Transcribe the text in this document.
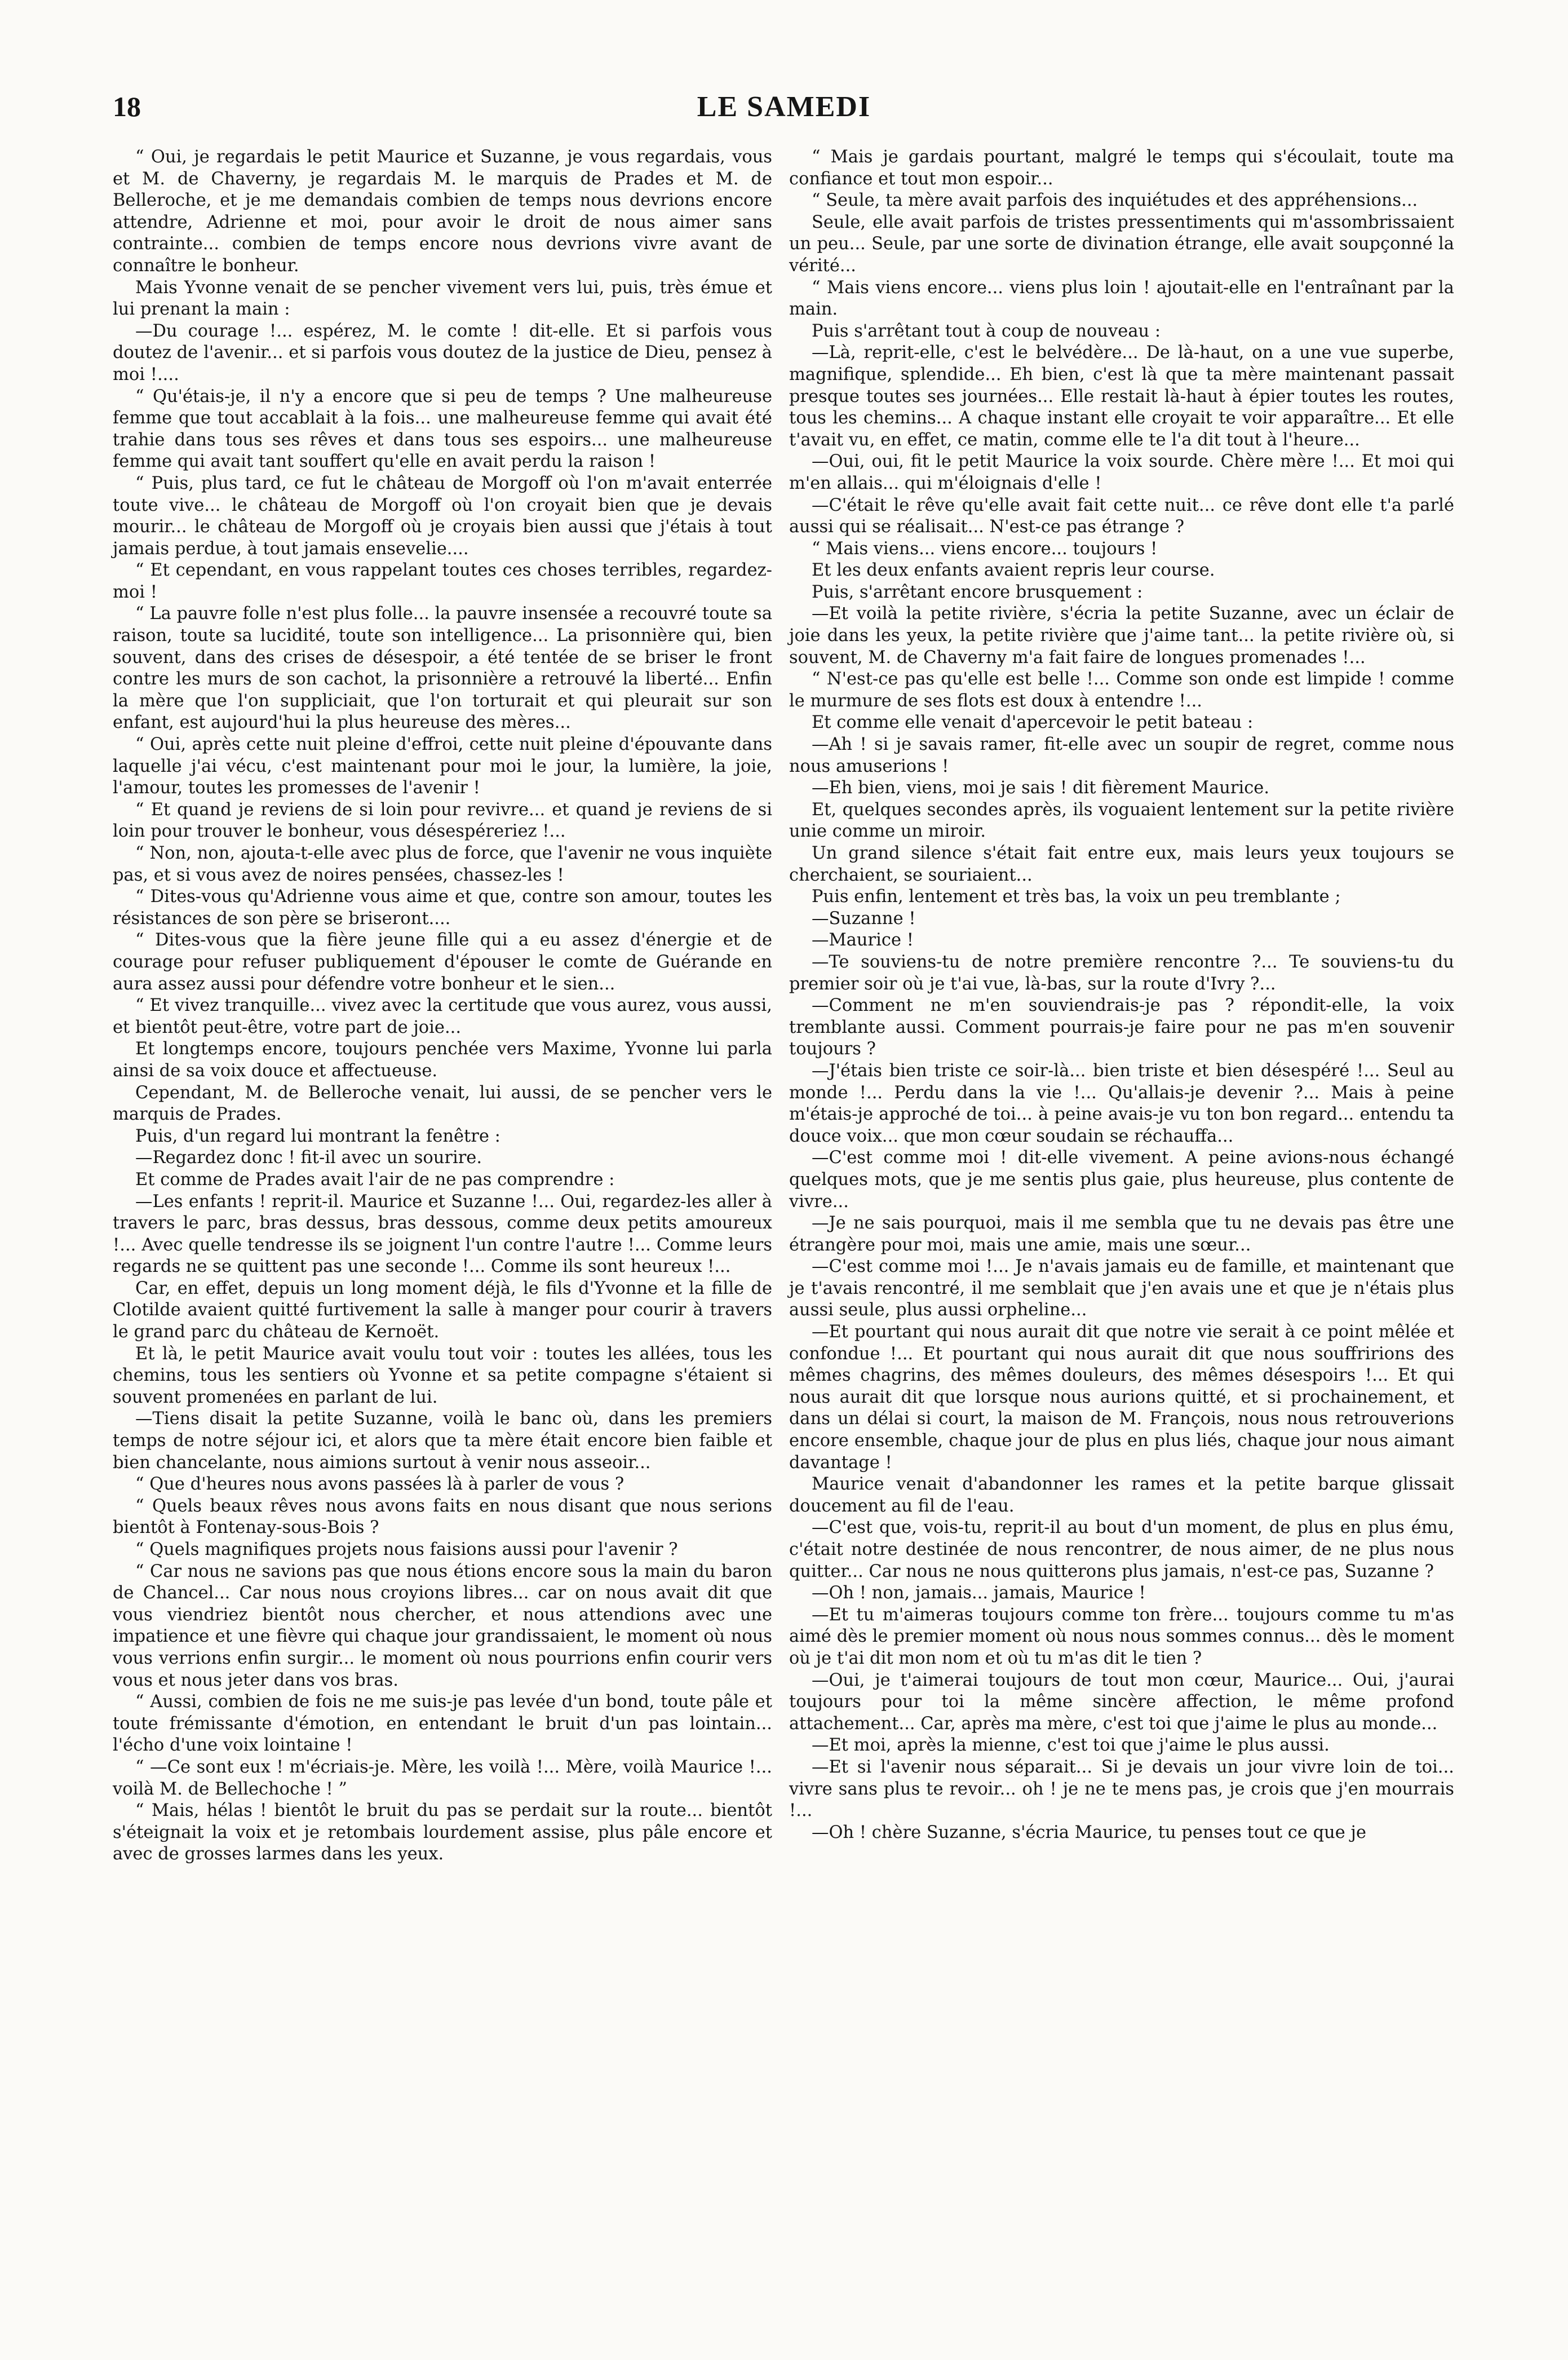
18	LE SAMEDI

“ Oui, je regardais le petit Maurice et Suzanne, je vous regardais, vous et M. de Chaverny, je regardais M. le marquis de Prades et M. de Belleroche, et je me demandais combien de temps nous devrions encore attendre, Adrienne et moi, pour avoir le droit de nous aimer sans contrainte... combien de temps encore nous devrions vivre avant de connaître le bonheur.

Mais Yvonne venait de se pencher vivement vers lui, puis, très émue et lui prenant la main :

—Du courage !... espérez, M. le comte ! dit-elle. Et si parfois vous doutez de l'avenir... et si parfois vous doutez de la justice de Dieu, pensez à moi !....

“ Qu'étais-je, il n'y a encore que si peu de temps ? Une malheureuse femme que tout accablait à la fois... une malheureuse femme qui avait été trahie dans tous ses rêves et dans tous ses espoirs... une malheureuse femme qui avait tant souffert qu'elle en avait perdu la raison !

“ Puis, plus tard, ce fut le château de Morgoff où l'on m'avait enterrée toute vive... le château de Morgoff où l'on croyait bien que je devais mourir... le château de Morgoff où je croyais bien aussi que j'étais à tout jamais perdue, à tout jamais ensevelie....

“ Et cependant, en vous rappelant toutes ces choses terribles, regardez-moi !

“ La pauvre folle n'est plus folle... la pauvre insensée a recouvré toute sa raison, toute sa lucidité, toute son intelligence... La prisonnière qui, bien souvent, dans des crises de désespoir, a été tentée de se briser le front contre les murs de son cachot, la prisonnière a retrouvé la liberté... Enfin la mère que l'on suppliciait, que l'on torturait et qui pleurait sur son enfant, est aujourd'hui la plus heureuse des mères...

“ Oui, après cette nuit pleine d'effroi, cette nuit pleine d'épouvante dans laquelle j'ai vécu, c'est maintenant pour moi le jour, la lumière, la joie, l'amour, toutes les promesses de l'avenir !

“ Et quand je reviens de si loin pour revivre... et quand je reviens de si loin pour trouver le bonheur, vous désespéreriez !...

“ Non, non, ajouta-t-elle avec plus de force, que l'avenir ne vous inquiète pas, et si vous avez de noires pensées, chassez-les !

“ Dites-vous qu'Adrienne vous aime et que, contre son amour, toutes les résistances de son père se briseront....

“ Dites-vous que la fière jeune fille qui a eu assez d'énergie et de courage pour refuser publiquement d'épouser le comte de Guérande en aura assez aussi pour défendre votre bonheur et le sien...

“ Et vivez tranquille... vivez avec la certitude que vous aurez, vous aussi, et bientôt peut-être, votre part de joie...

Et longtemps encore, toujours penchée vers Maxime, Yvonne lui parla ainsi de sa voix douce et affectueuse.

Cependant, M. de Belleroche venait, lui aussi, de se pencher vers le marquis de Prades.

Puis, d'un regard lui montrant la fenêtre :

—Regardez donc ! fit-il avec un sourire.

Et comme de Prades avait l'air de ne pas comprendre :

—Les enfants ! reprit-il. Maurice et Suzanne !... Oui, regardez-les aller à travers le parc, bras dessus, bras dessous, comme deux petits amoureux !... Avec quelle tendresse ils se joignent l'un contre l'autre !... Comme leurs regards ne se quittent pas une seconde !... Comme ils sont heureux !...

Car, en effet, depuis un long moment déjà, le fils d'Yvonne et la fille de Clotilde avaient quitté furtivement la salle à manger pour courir à travers le grand parc du château de Kernoët.

Et là, le petit Maurice avait voulu tout voir : toutes les allées, tous les chemins, tous les sentiers où Yvonne et sa petite compagne s'étaient si souvent promenées en parlant de lui.

—Tiens disait la petite Suzanne, voilà le banc où, dans les premiers temps de notre séjour ici, et alors que ta mère était encore bien faible et bien chancelante, nous aimions surtout à venir nous asseoir...

“ Que d'heures nous avons passées là à parler de vous ?

“ Quels beaux rêves nous avons faits en nous disant que nous serions bientôt à Fontenay-sous-Bois ?

“ Quels magnifiques projets nous faisions aussi pour l'avenir ?

“ Car nous ne savions pas que nous étions encore sous la main du baron de Chancel... Car nous nous croyions libres... car on nous avait dit que vous viendriez bientôt nous chercher, et nous attendions avec une impatience et une fièvre qui chaque jour grandissaient, le moment où nous vous verrions enfin surgir... le moment où nous pourrions enfin courir vers vous et nous jeter dans vos bras.

“ Aussi, combien de fois ne me suis-je pas levée d'un bond, toute pâle et toute frémissante d'émotion, en entendant le bruit d'un pas lointain... l'écho d'une voix lointaine !

“ —Ce sont eux ! m'écriais-je. Mère, les voilà !... Mère, voilà Maurice !... voilà M. de Bellechoche ! ”

“ Mais, hélas ! bientôt le bruit du pas se perdait sur la route... bientôt s'éteignait la voix et je retombais lourdement assise, plus pâle encore et avec de grosses larmes dans les yeux.

“ Mais je gardais pourtant, malgré le temps qui s'écoulait, toute ma confiance et tout mon espoir...

“ Seule, ta mère avait parfois des inquiétudes et des appréhensions...

Seule, elle avait parfois de tristes pressentiments qui m'assombrissaient un peu... Seule, par une sorte de divination étrange, elle avait soupçonné la vérité...

“ Mais viens encore... viens plus loin ! ajoutait-elle en l'entraînant par la main.

Puis s'arrêtant tout à coup de nouveau :

—Là, reprit-elle, c'est le belvédère... De là-haut, on a une vue superbe, magnifique, splendide... Eh bien, c'est là que ta mère maintenant passait presque toutes ses journées... Elle restait là-haut à épier toutes les routes, tous les chemins... A chaque instant elle croyait te voir apparaître... Et elle t'avait vu, en effet, ce matin, comme elle te l'a dit tout à l'heure...

—Oui, oui, fit le petit Maurice la voix sourde. Chère mère !... Et moi qui m'en allais... qui m'éloignais d'elle !

—C'était le rêve qu'elle avait fait cette nuit... ce rêve dont elle t'a parlé aussi qui se réalisait... N'est-ce pas étrange ?

“ Mais viens... viens encore... toujours !

Et les deux enfants avaient repris leur course.

Puis, s'arrêtant encore brusquement :

—Et voilà la petite rivière, s'écria la petite Suzanne, avec un éclair de joie dans les yeux, la petite rivière que j'aime tant... la petite rivière où, si souvent, M. de Chaverny m'a fait faire de longues promenades !...

“ N'est-ce pas qu'elle est belle !... Comme son onde est limpide ! comme le murmure de ses flots est doux à entendre !...

Et comme elle venait d'apercevoir le petit bateau :

—Ah ! si je savais ramer, fit-elle avec un soupir de regret, comme nous nous amuserions !

—Eh bien, viens, moi je sais ! dit fièrement Maurice.

Et, quelques secondes après, ils voguaient lentement sur la petite rivière unie comme un miroir.

Un grand silence s'était fait entre eux, mais leurs yeux toujours se cherchaient, se souriaient...

Puis enfin, lentement et très bas, la voix un peu tremblante ;

—Suzanne !

—Maurice !

—Te souviens-tu de notre première rencontre ?... Te souviens-tu du premier soir où je t'ai vue, là-bas, sur la route d'Ivry ?...

—Comment ne m'en souviendrais-je pas ? répondit-elle, la voix tremblante aussi. Comment pourrais-je faire pour ne pas m'en souvenir toujours ?

—J'étais bien triste ce soir-là... bien triste et bien désespéré !... Seul au monde !... Perdu dans la vie !... Qu'allais-je devenir ?... Mais à peine m'étais-je approché de toi... à peine avais-je vu ton bon regard... entendu ta douce voix... que mon cœur soudain se réchauffa...

—C'est comme moi ! dit-elle vivement. A peine avions-nous échangé quelques mots, que je me sentis plus gaie, plus heureuse, plus contente de vivre...

—Je ne sais pourquoi, mais il me sembla que tu ne devais pas être une étrangère pour moi, mais une amie, mais une sœur...

—C'est comme moi !... Je n'avais jamais eu de famille, et maintenant que je t'avais rencontré, il me semblait que j'en avais une et que je n'étais plus aussi seule, plus aussi orpheline...

—Et pourtant qui nous aurait dit que notre vie serait à ce point mêlée et confondue !... Et pourtant qui nous aurait dit que nous souffririons des mêmes chagrins, des mêmes douleurs, des mêmes désespoirs !... Et qui nous aurait dit que lorsque nous aurions quitté, et si prochainement, et dans un délai si court, la maison de M. François, nous nous retrouverions encore ensemble, chaque jour de plus en plus liés, chaque jour nous aimant davantage !

Maurice venait d'abandonner les rames et la petite barque glissait doucement au fil de l'eau.

—C'est que, vois-tu, reprit-il au bout d'un moment, de plus en plus ému, c'était notre destinée de nous rencontrer, de nous aimer, de ne plus nous quitter... Car nous ne nous quitterons plus jamais, n'est-ce pas, Suzanne ?

—Oh ! non, jamais... jamais, Maurice !

—Et tu m'aimeras toujours comme ton frère... toujours comme tu m'as aimé dès le premier moment où nous nous sommes connus... dès le moment où je t'ai dit mon nom et où tu m'as dit le tien ?

—Oui, je t'aimerai toujours de tout mon cœur, Maurice... Oui, j'aurai toujours pour toi la même sincère affection, le même profond attachement... Car, après ma mère, c'est toi que j'aime le plus au monde...

—Et moi, après la mienne, c'est toi que j'aime le plus aussi.

—Et si l'avenir nous séparait... Si je devais un jour vivre loin de toi... vivre sans plus te revoir... oh ! je ne te mens pas, je crois que j'en mourrais !...

—Oh ! chère Suzanne, s'écria Maurice, tu penses tout ce que je
